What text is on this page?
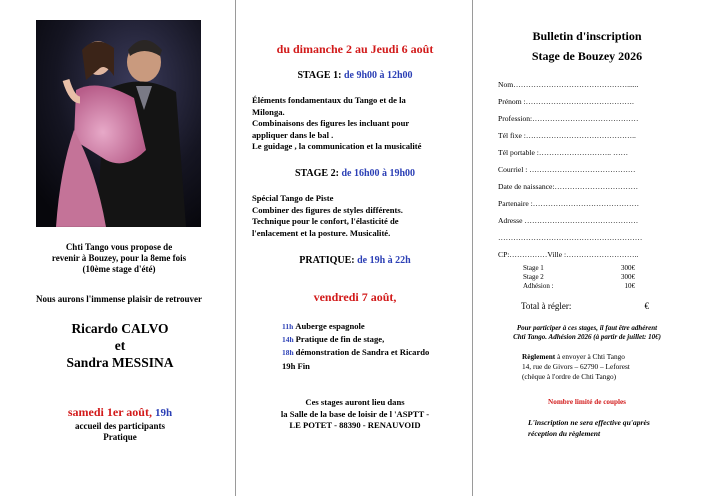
Chti Tango vous propose de
revenir à Bouzey, pour la 8eme fois
(10ème stage d'été)
Nous aurons l'immense plaisir de retrouver
Ricardo CALVO
et
Sandra MESSINA
samedi 1er août, 19h
accueil des participants
Pratique
du dimanche 2 au Jeudi 6 août
STAGE 1: de 9h00 à 12h00
Éléments fondamentaux du Tango et de la
Milonga.
Combinaisons des figures les incluant pour
appliquer dans le bal .
Le guidage , la communication et la musicalité
STAGE 2: de 16h00 à 19h00
Spécial Tango de Piste
Combiner des figures de styles différents.
Technique pour le confort, l'élasticité de
l'enlacement et la posture. Musicalité.
PRATIQUE: de 19h à 22h
vendredi 7 août,
11h Auberge espagnole
14h Pratique de fin de stage,
18h démonstration de Sandra et Ricardo
19h Fin
Ces stages auront lieu dans
la Salle de la base de loisir de l 'ASPTT -
LE POTET - 88390 - RENAUVOID
Bulletin d'inscription
Stage de Bouzey 2026
Nom………………………………………......
Prénom :…………………………………….
Profession:……………………………………
Tél fixe :……………………………………..
Tél portable :……………………….. ……
Courriel : ……………………………………
Date de naissance:……………………………
Partenaire :……………………………………
Adresse ………………………………………
…………………………………………………
CP:……………Ville :………………………..
Stage 1	300€
Stage 2	300€
Adhésion :	10€
Total à régler:	€
Pour participer à ces stages, il faut être adhérent
Chti Tango. Adhésion 2026 (à partir de juillet: 10€)
Règlement à envoyer à Chti Tango
14, rue de Givors – 62790 – Leforest
(chèque à l'ordre de Chti Tango)
Nombre limité de couples
L'inscription ne sera effective qu'après
réception du règlement
